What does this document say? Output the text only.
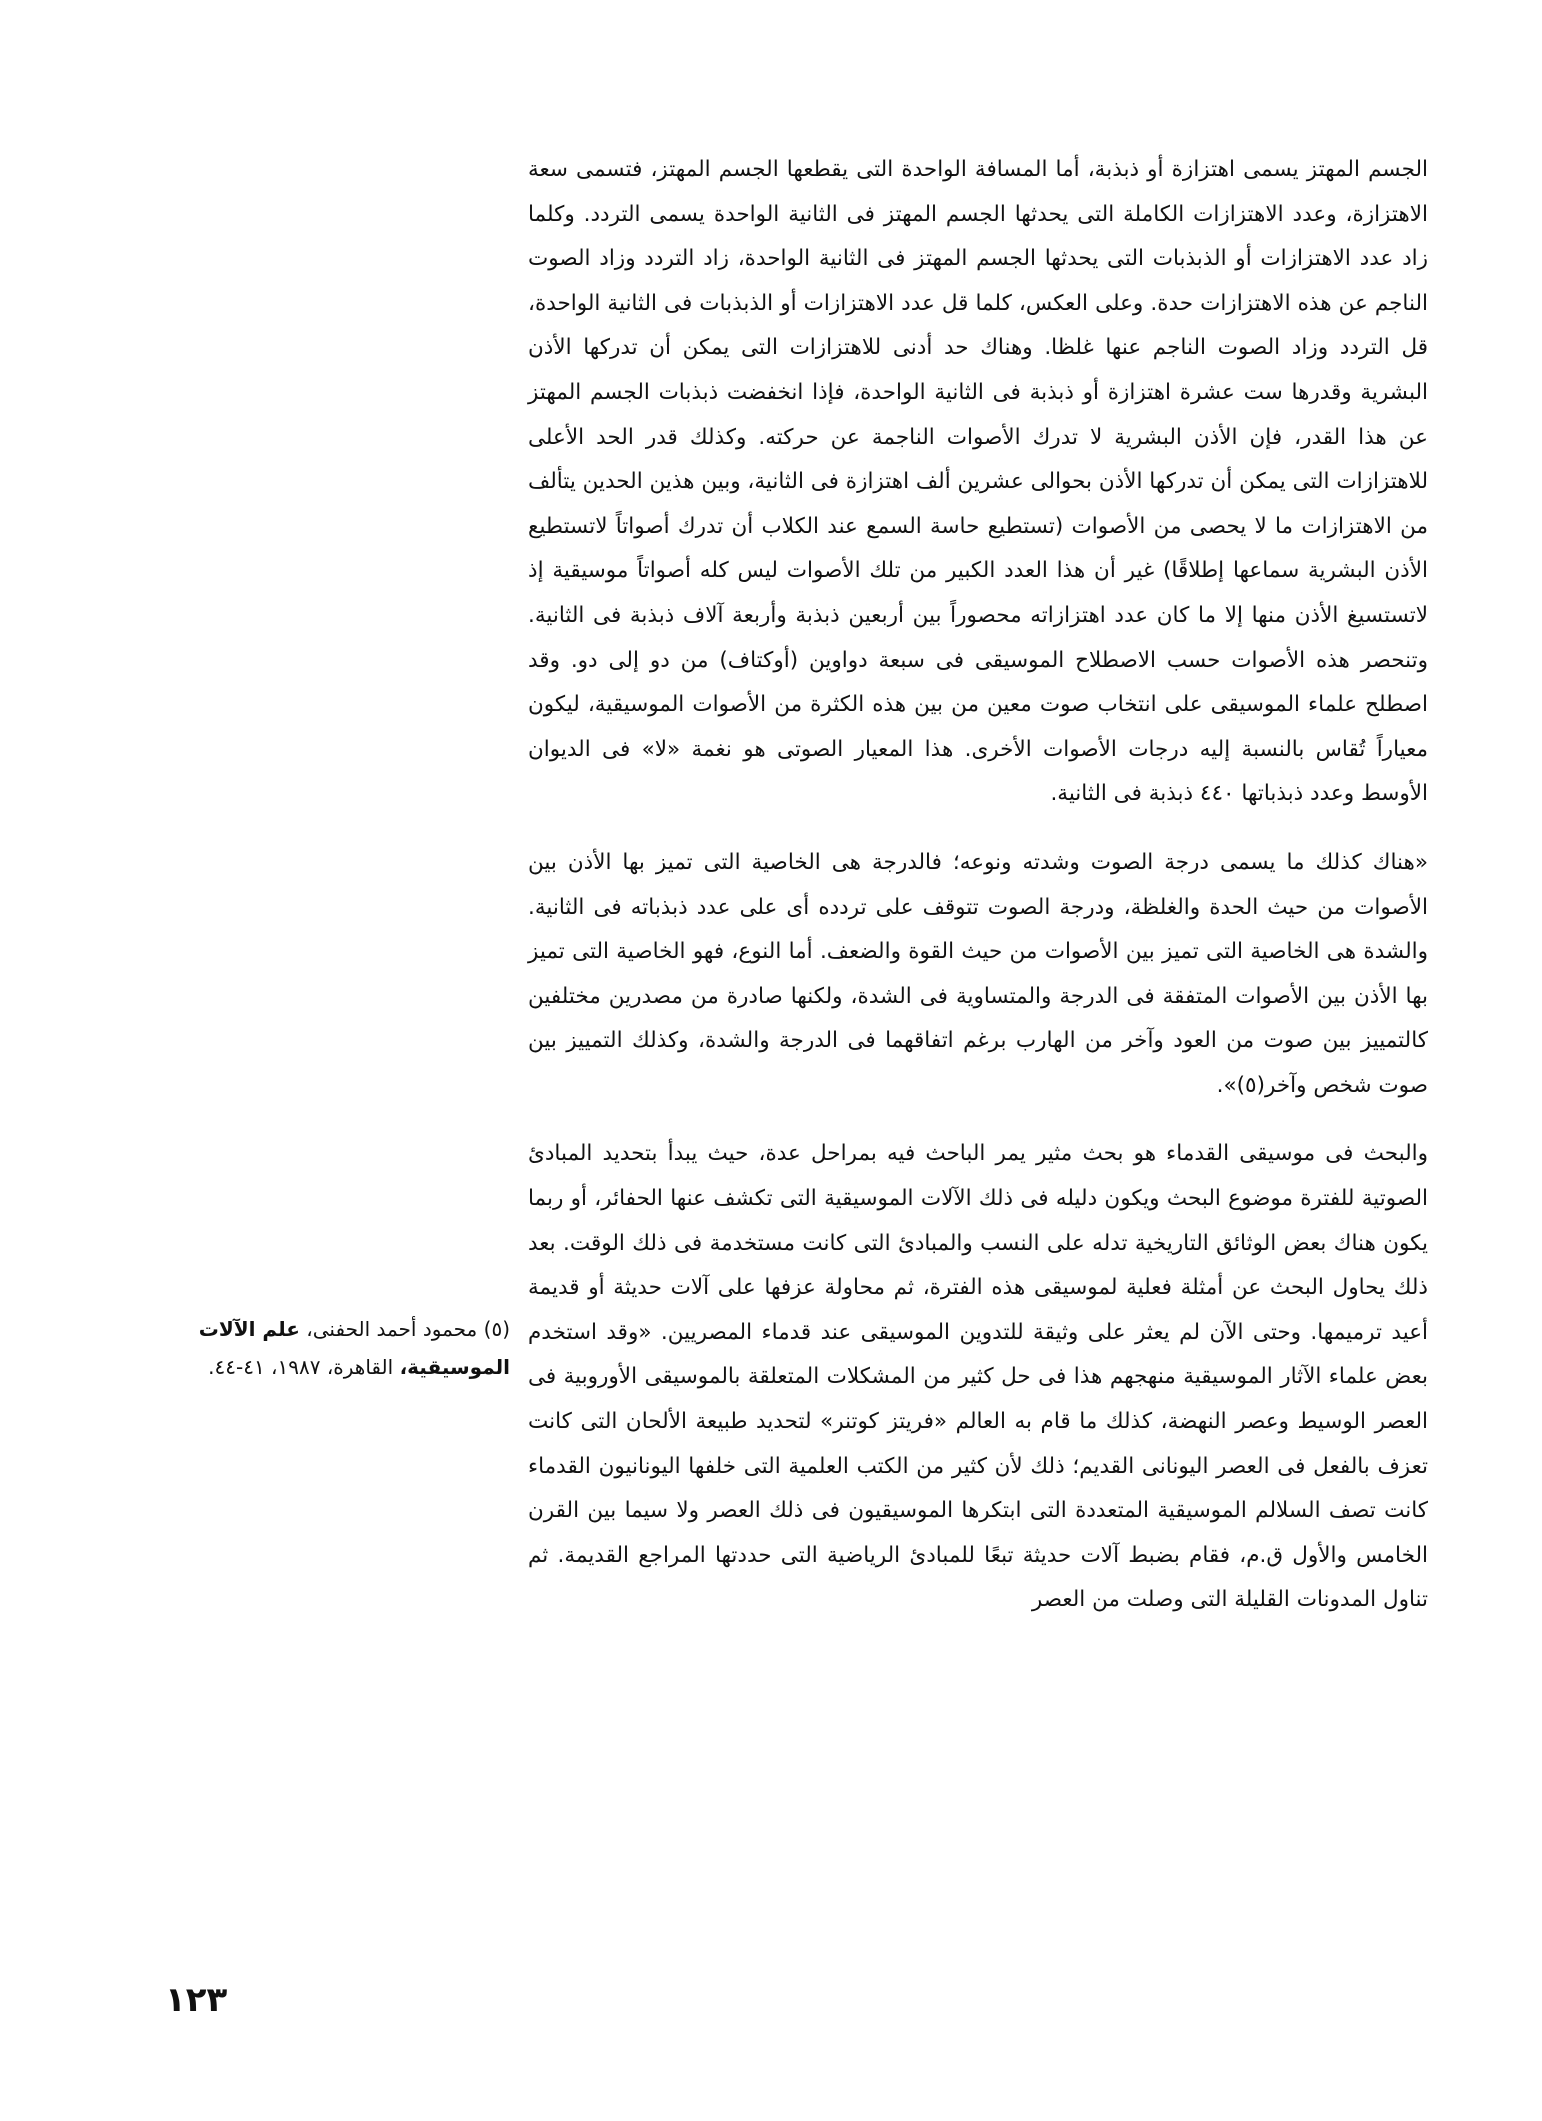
الجسم المهتز يسمى اهتزازة أو ذبذبة، أما المسافة الواحدة التى يقطعها الجسم المهتز، فتسمى سعة الاهتزازة، وعدد الاهتزازات الكاملة التى يحدثها الجسم المهتز فى الثانية الواحدة يسمى التردد. وكلما زاد عدد الاهتزازات أو الذبذبات التى يحدثها الجسم المهتز فى الثانية الواحدة، زاد التردد وزاد الصوت الناجم عن هذه الاهتزازات حدة. وعلى العكس، كلما قل عدد الاهتزازات أو الذبذبات فى الثانية الواحدة، قل التردد وزاد الصوت الناجم عنها غلظا. وهناك حد أدنى للاهتزازات التى يمكن أن تدركها الأذن البشرية وقدرها ست عشرة اهتزازة أو ذبذبة فى الثانية الواحدة، فإذا انخفضت ذبذبات الجسم المهتز عن هذا القدر، فإن الأذن البشرية لا تدرك الأصوات الناجمة عن حركته. وكذلك قدر الحد الأعلى للاهتزازات التى يمكن أن تدركها الأذن بحوالى عشرين ألف اهتزازة فى الثانية، وبين هذين الحدين يتألف من الاهتزازات ما لا يحصى من الأصوات (تستطيع حاسة السمع عند الكلاب أن تدرك أصواتاً لاتستطيع الأذن البشرية سماعها إطلاقًا) غير أن هذا العدد الكبير من تلك الأصوات ليس كله أصواتاً موسيقية إذ لاتستسيغ الأذن منها إلا ما كان عدد اهتزازاته محصوراً بين أربعين ذبذبة وأربعة آلاف ذبذبة فى الثانية. وتنحصر هذه الأصوات حسب الاصطلاح الموسيقى فى سبعة دواوين (أوكتاف) من دو إلى دو. وقد اصطلح علماء الموسيقى على انتخاب صوت معين من بين هذه الكثرة من الأصوات الموسيقية، ليكون معياراً تُقاس بالنسبة إليه درجات الأصوات الأخرى. هذا المعيار الصوتى هو نغمة «لا» فى الديوان الأوسط وعدد ذبذباتها ٤٤٠ ذبذبة فى الثانية.

«هناك كذلك ما يسمى درجة الصوت وشدته ونوعه؛ فالدرجة هى الخاصية التى تميز بها الأذن بين الأصوات من حيث الحدة والغلظة، ودرجة الصوت تتوقف على تردده أى على عدد ذبذباته فى الثانية. والشدة هى الخاصية التى تميز بين الأصوات من حيث القوة والضعف. أما النوع، فهو الخاصية التى تميز بها الأذن بين الأصوات المتفقة فى الدرجة والمتساوية فى الشدة، ولكنها صادرة من مصدرين مختلفين كالتمييز بين صوت من العود وآخر من الهارب برغم اتفاقهما فى الدرجة والشدة، وكذلك التمييز بين صوت شخص وآخر(٥)».

والبحث فى موسيقى القدماء هو بحث مثير يمر الباحث فيه بمراحل عدة، حيث يبدأ بتحديد المبادئ الصوتية للفترة موضوع البحث ويكون دليله فى ذلك الآلات الموسيقية التى تكشف عنها الحفائر، أو ربما يكون هناك بعض الوثائق التاريخية تدله على النسب والمبادئ التى كانت مستخدمة فى ذلك الوقت. بعد ذلك يحاول البحث عن أمثلة فعلية لموسيقى هذه الفترة، ثم محاولة عزفها على آلات حديثة أو قديمة أعيد ترميمها. وحتى الآن لم يعثر على وثيقة للتدوين الموسيقى عند قدماء المصريين. «وقد استخدم بعض علماء الآثار الموسيقية منهجهم هذا فى حل كثير من المشكلات المتعلقة بالموسيقى الأوروبية فى العصر الوسيط وعصر النهضة، كذلك ما قام به العالم «فريتز كوتنر» لتحديد طبيعة الألحان التى كانت تعزف بالفعل فى العصر اليونانى القديم؛ ذلك لأن كثير من الكتب العلمية التى خلفها اليونانيون القدماء كانت تصف السلالم الموسيقية المتعددة التى ابتكرها الموسيقيون فى ذلك العصر ولا سيما بين القرن الخامس والأول ق.م، فقام بضبط آلات حديثة تبعًا للمبادئ الرياضية التى حددتها المراجع القديمة. ثم تناول المدونات القليلة التى وصلت من العصر

(٥) محمود أحمد الحفنى، علم الآلات الموسيقية، القاهرة، ١٩٨٧، ٤١-٤٤.
١٢٣
